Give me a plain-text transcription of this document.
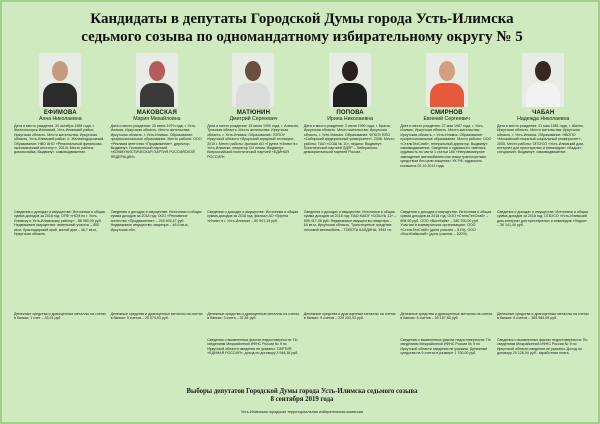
Кандидаты в депутаты Городской Думы города Усть-Илимска
седьмого созыва по одномандатному избирательному округу № 5
ЕФИМОВА
Анна Николаевна
Дата и место рождения: 20 октября 1988 года, г. Железногорск-Илимский, Усть-Илимский район, Иркутская область. Место жительства: Иркутская область, Усть-Илимский район, п. Железнодорожный. Образование: НВО АНО «Региональный финансово-экономический институт», 2014г. Место работы: домохозяйка. Выдвинут: самовыдвижение.
Сведения о доходах и имуществе: Источники и общая сумма доходов за 2018 год: ОПФ «НСМ по г. Усть-Илимску и Усть-Илимскому району» - 86 080,00 руб. Недвижимое имущество: земельный участок – 800 кв.м, Краснодарский край, жилой дом – 46,7 кв.м, Иркутская область.
Денежные средства и драгоценные металлы на счетах в банках: 1 счет – 33,91 руб.
МАКОВСКАЯ
Мария Михайловна
Дата и место рождения: 20 июня 1979 года, г. Усть-Илимск, Иркутская область. Место жительства: Иркутская область, г. Усть-Илимск. Образование: профессиональное образование. Место работы: ООО «Реклама агентство «Продвижение», директор. Выдвинут: Политической партией «КОММУНИСТИЧЕСКАЯ ПАРТИЯ РОССИЙСКОЙ ФЕДЕРАЦИИ».
Сведения о доходах и имуществе: Источники и общая сумма доходов за 2018 год: ООО «Рекламное агентство «Продвижение» – 249 405,47 руб. Недвижимое имущество: квартира – 46,9 кв.м, Иркутская обл.
Денежные средства и драгоценные металлы на счетах в банках: 5 счетов – 25 374,93 руб.
МАТЮНИН
Дмитрий Сергеевич
Дата и место рождения: 15 июня 1990 года, г. Алексин, Тульская область. Место жительства: Иркутская область, г. Усть-Илимск. Образование: ПЗПОУ Иркутской области «Иркутский аграрный техникум», 2010 г. Место работы: филиал АО «Группа «Илим» в г. Усть-Илимске, оператор СИ линии. Выдвинут: Всероссийской политической партией «ЕДИНАЯ РОССИЯ».
Сведения о доходах и имуществе: Источники и общая сумма доходов за 2018 год: филиал АО «Группа «Илим» в г. Усть-Илимске – 60 901,15 руб.
Денежные средства и драгоценные металлы на счетах в банках: 3 счета – 31,81 руб.
Сведения о выявленных фактах недостоверности: По сведениям Межрайонной ИФНС России № 9 по Иркутской области сведения не указаны. ПАРТИЯ «ЕДИНАЯ РОССИЯ», доход по договору 3 948,38 руб.
ПОПОВА
Ирина Николаевна
Дата и место рождения: 2 июня 1990 года, г. Братск, Иркутская область. Место жительства: Иркутская область, г. Усть-Илимск. Образование: ФГБОУ ВПО «Сибирский федеральный университет», 2006. Место работы: ПАО «СОШ № 11», педагог. Выдвинут: Политической партией ЛДПР – Либерально-демократической партией России.
Сведения о доходах и имуществе: Источники и общая сумма доходов за 2018 год: ПАО МАОУ «СОШ № 11» – 509 417,38 руб. Недвижимое имущество: квартира – 64 кв.м, Иркутская область. Транспортные средства: легковой автомобиль – ТОЙОТА КАЛДИНА, 1992 г.в.
Денежные средства и драгоценные металлы на счетах в банках: 9 счетов – 229 202,93 руб.
СМИРНОВ
Евгений Сергеевич
Дата и место рождения: 27 мая 1987 года, г. Усть-Илимск, Иркутская область. Место жительства: Иркутская область, г. Усть-Илимск. Образование: профессиональное образование. Место работы: ООО «СтельТехСнаб», генеральный директор. Выдвинут: самовыдвижение. Сведения о судимости: имелась судимость по части 1 статьи 166 «Неправомерное завладение автомобилем или иным транспортным средством без цели хищения» УК РФ, судимость погашена 02.10.2013 года.
Сведения о доходах и имуществе: Источники и общая сумма доходов за 2018 год: ООО «СтельТехСнаб» – 698,90 руб. ООО «ВостБайк» – 180 700,00 руб. Участие в коммерческих организациях: ООО «СтельТехСнаб» (доля участия – 51%), ООО «ВостБайкснаб» (доля участия – 100%).
Денежные средства и драгоценные металлы на счетах в банках: 6 счетов – 50 157,80 руб.
Сведения о выявленных фактах недостоверности: По сведениям Межрайонной ИФНС России № 9 по Иркутской области сведения не указаны. Денежные средства на 9 счетах в размере 1 700,00 руб.
ЧАБАН
Надежда Николаевна
Дата и место рождения: 21 мая 1981 года, г. Шахты, Иркутская область. Место жительства: Иркутская область, г. Усть-Илимск. Образование: НВОПО «Московский открытый социальный университет», 2005. Место работы: ОГБУСО «Усть-Илимский дом-интернат для престарелых и инвалидов» «Ладья», специалист. Выдвинут: самовыдвижение.
Сведения о доходах и имуществе: Источники и общая сумма доходов за 2018 год: ОГБУСО «Усть-Илимский дом-интернат для престарелых и инвалидов «Ладья» – 36 141,40 руб.
Денежные средства и драгоценные металлы на счетах в банках: 8 счетов – 369 989,09 руб.
Сведения о выявленных фактах недостоверности: По сведениям Межрайонной ИФНС России № 9 по Иркутской области сведения не указаны. Доход по договору 20 126,04 руб., заработная плата.
Выборы депутатов Городской Думы города Усть-Илимска седьмого созыва
8 сентября 2019 года
Усть-Илимская городская территориальная избирательная комиссия
